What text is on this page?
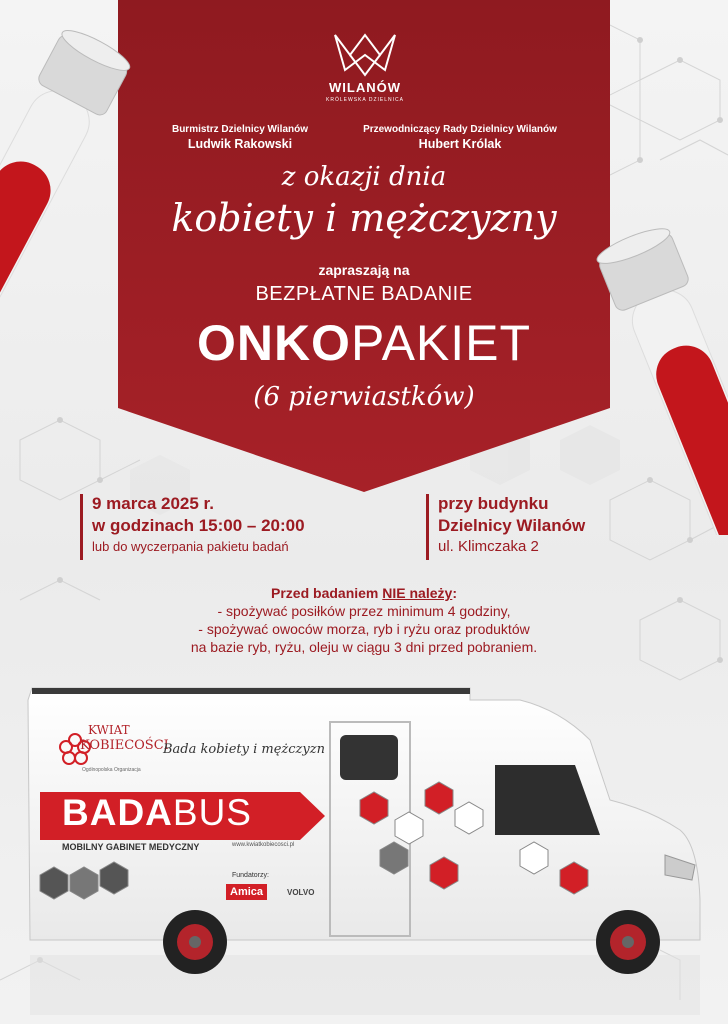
WILANÓW
KRÓLEWSKA DZIELNICA
Burmistrz Dzielnicy Wilanów
Ludwik Rakowski
Przewodniczący Rady Dzielnicy Wilanów
Hubert Królak
z okazji dnia
kobiety i mężczyzny
zapraszają na
BEZPŁATNE BADANIE
ONKOPAKIET
(6 pierwiastków)
9 marca 2025 r.
w godzinach 15:00 – 20:00
lub do wyczerpania pakietu badań
przy budynku
Dzielnicy Wilanów
ul. Klimczaka 2
Przed badaniem NIE należy:
- spożywać posiłków przez minimum 4 godziny,
- spożywać owoców morza, ryb i ryżu oraz produktów
na bazie ryb, ryżu, oleju w ciągu 3 dni przed pobraniem.
KWIAT
KOBIECOŚCI
Ogólnopolska Organizacja
Bada kobiety i mężczyzn
BADABUS
MOBILNY GABINET MEDYCZNY	www.kwiatkobiecosci.pl
Fundatorzy:
Amica	VOLVO
